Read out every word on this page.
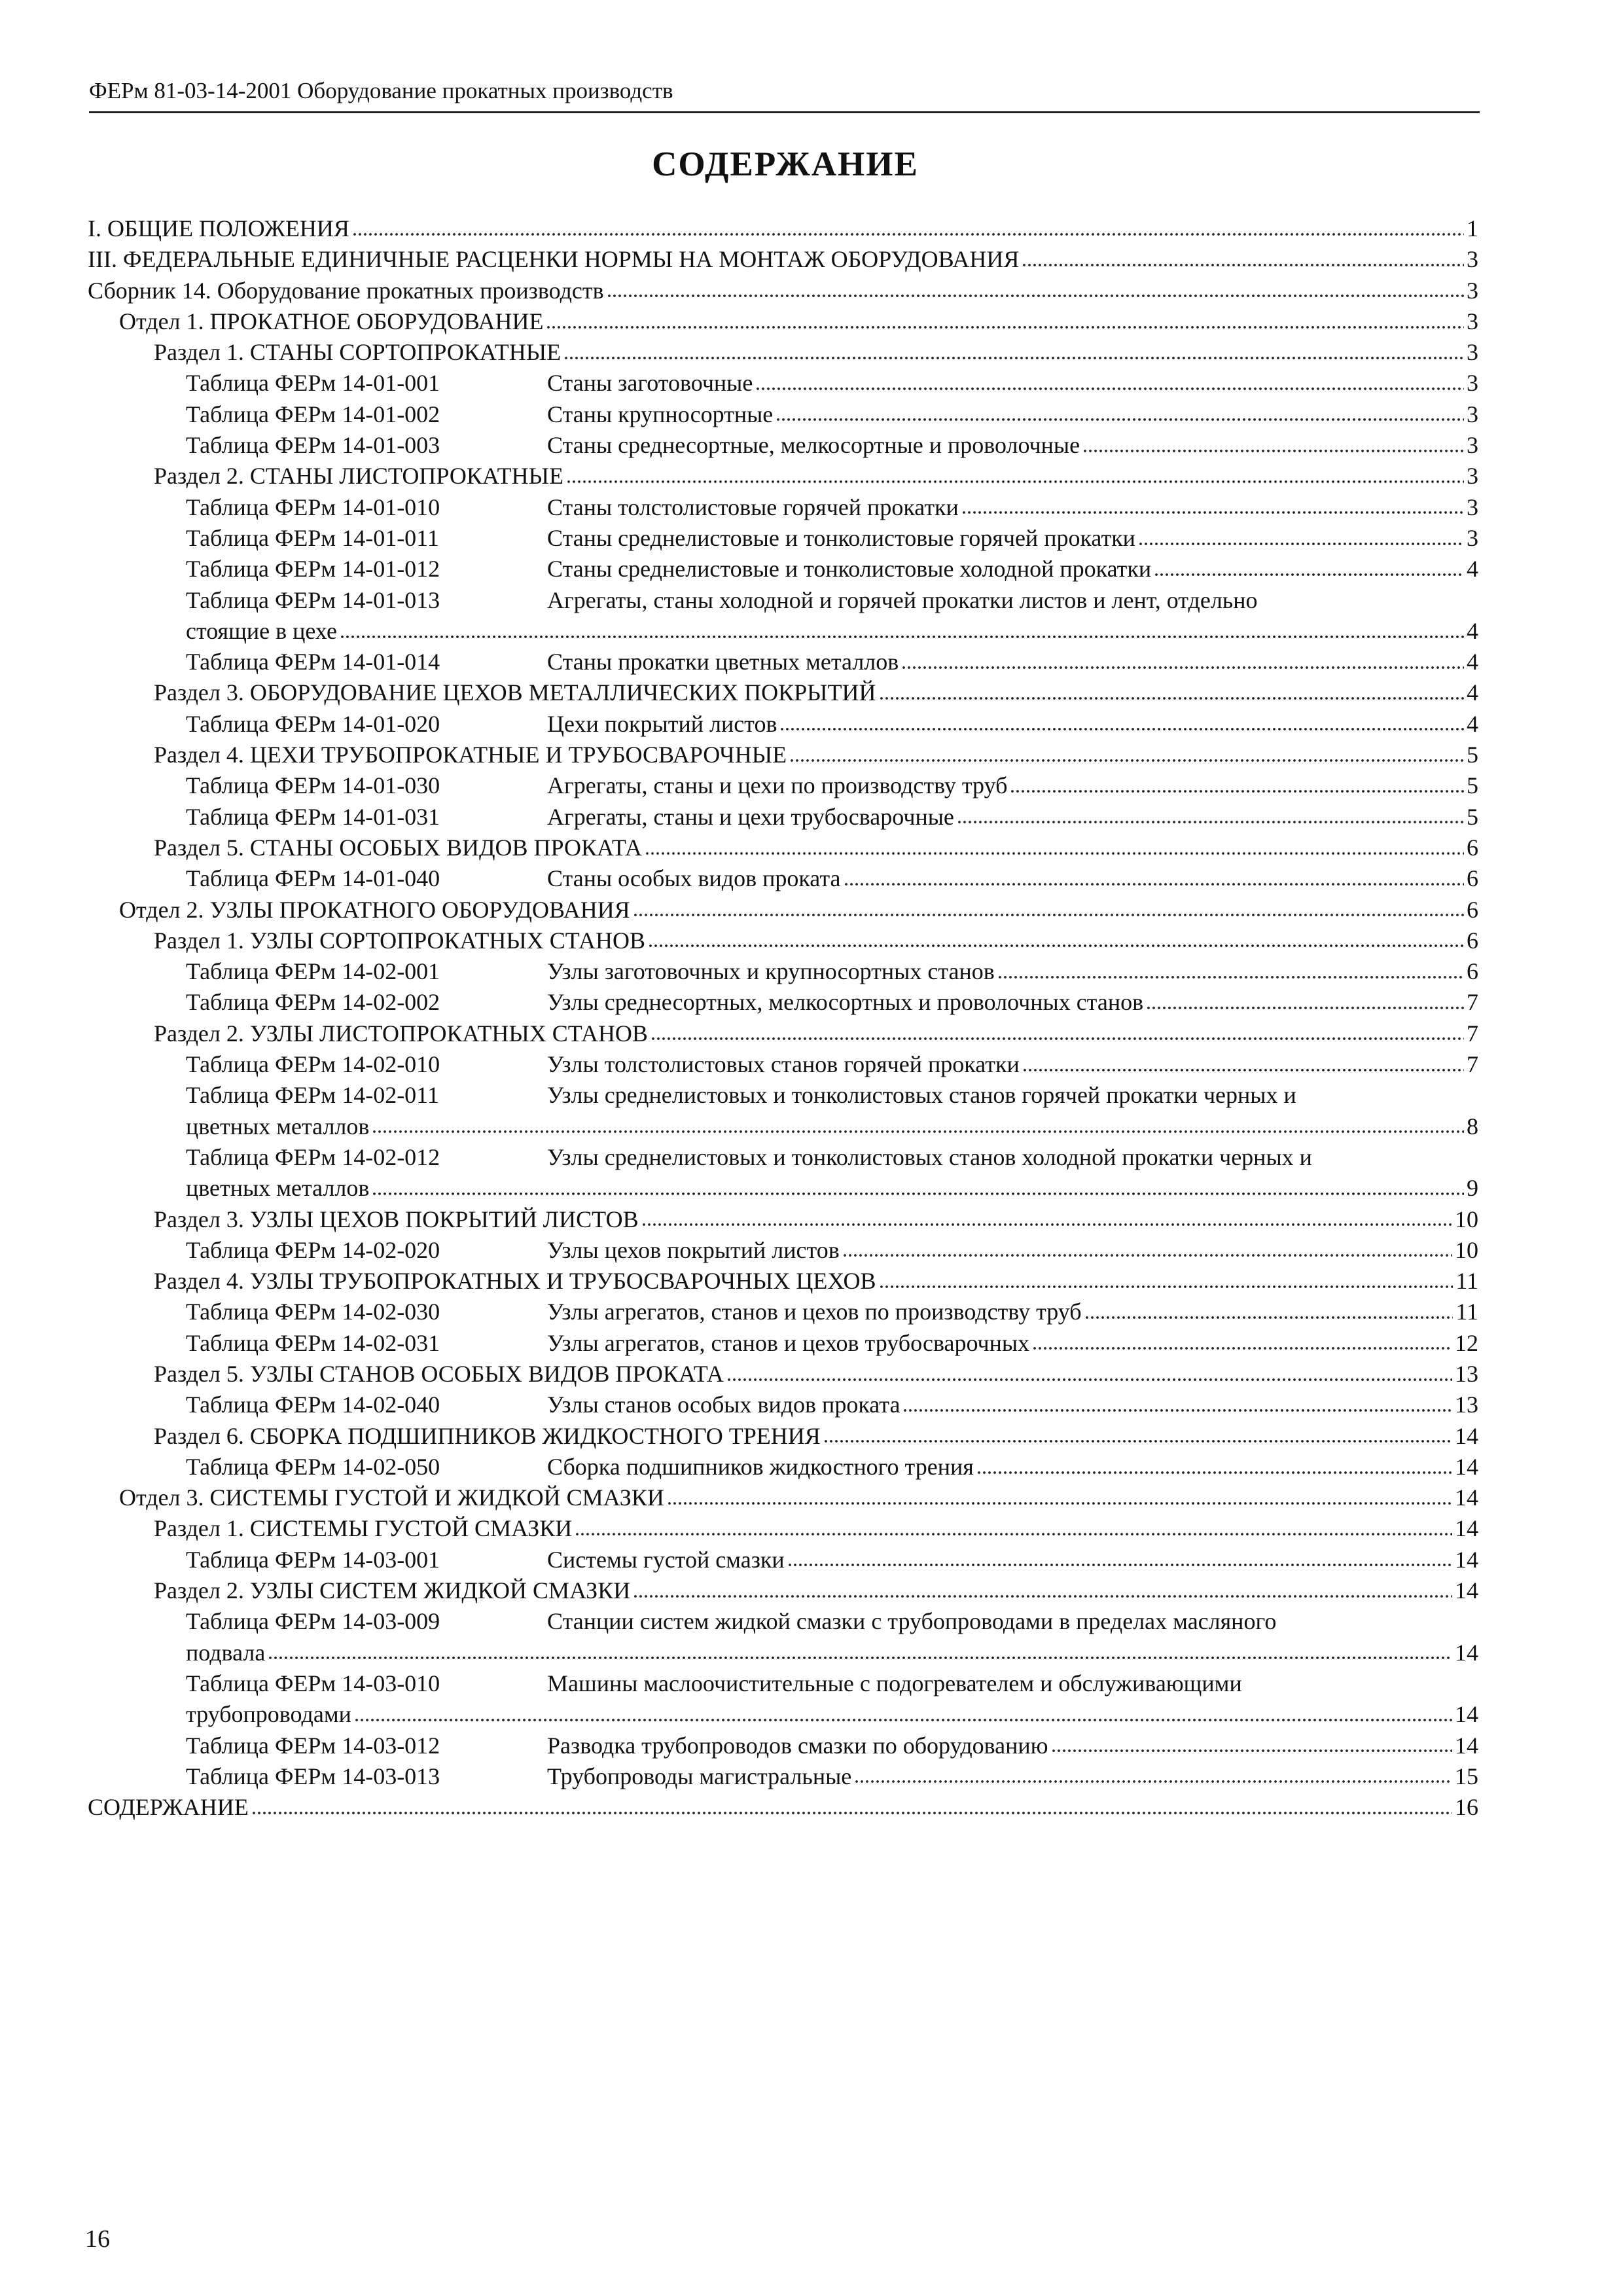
ФЕРм 81-03-14-2001 Оборудование прокатных производств
СОДЕРЖАНИЕ
I. ОБЩИЕ ПОЛОЖЕНИЯ	1
III. ФЕДЕРАЛЬНЫЕ ЕДИНИЧНЫЕ РАСЦЕНКИ НОРМЫ НА МОНТАЖ ОБОРУДОВАНИЯ	3
Сборник 14. Оборудование прокатных производств	3
Отдел 1. ПРОКАТНОЕ ОБОРУДОВАНИЕ	3
Раздел 1. СТАНЫ СОРТОПРОКАТНЫЕ	3
Таблица ФЕРм 14-01-001	Станы заготовочные	3
Таблица ФЕРм 14-01-002	Станы крупносортные	3
Таблица ФЕРм 14-01-003	Станы среднесортные, мелкосортные и проволочные	3
Раздел 2. СТАНЫ ЛИСТОПРОКАТНЫЕ	3
Таблица ФЕРм 14-01-010	Станы толстолистовые горячей прокатки	3
Таблица ФЕРм 14-01-011	Станы среднелистовые и тонколистовые горячей прокатки	3
Таблица ФЕРм 14-01-012	Станы среднелистовые и тонколистовые холодной прокатки	4
Таблица ФЕРм 14-01-013	Агрегаты, станы холодной и горячей прокатки листов и лент, отдельно
стоящие в цехе	4
Таблица ФЕРм 14-01-014	Станы прокатки цветных металлов	4
Раздел 3. ОБОРУДОВАНИЕ ЦЕХОВ МЕТАЛЛИЧЕСКИХ ПОКРЫТИЙ	4
Таблица ФЕРм 14-01-020	Цехи покрытий листов	4
Раздел 4. ЦЕХИ ТРУБОПРОКАТНЫЕ И ТРУБОСВАРОЧНЫЕ	5
Таблица ФЕРм 14-01-030	Агрегаты, станы и цехи по производству труб	5
Таблица ФЕРм 14-01-031	Агрегаты, станы и цехи трубосварочные	5
Раздел 5. СТАНЫ ОСОБЫХ ВИДОВ ПРОКАТА	6
Таблица ФЕРм 14-01-040	Станы особых видов проката	6
Отдел 2. УЗЛЫ ПРОКАТНОГО ОБОРУДОВАНИЯ	6
Раздел 1. УЗЛЫ СОРТОПРОКАТНЫХ СТАНОВ	6
Таблица ФЕРм 14-02-001	Узлы заготовочных и крупносортных станов	6
Таблица ФЕРм 14-02-002	Узлы среднесортных, мелкосортных и проволочных станов	7
Раздел 2. УЗЛЫ ЛИСТОПРОКАТНЫХ СТАНОВ	7
Таблица ФЕРм 14-02-010	Узлы толстолистовых станов горячей прокатки	7
Таблица ФЕРм 14-02-011	Узлы среднелистовых и тонколистовых станов горячей прокатки черных и
цветных металлов	8
Таблица ФЕРм 14-02-012	Узлы среднелистовых и тонколистовых станов холодной прокатки черных и
цветных металлов	9
Раздел 3. УЗЛЫ ЦЕХОВ ПОКРЫТИЙ ЛИСТОВ	10
Таблица ФЕРм 14-02-020	Узлы цехов покрытий листов	10
Раздел 4. УЗЛЫ ТРУБОПРОКАТНЫХ И ТРУБОСВАРОЧНЫХ ЦЕХОВ	11
Таблица ФЕРм 14-02-030	Узлы агрегатов, станов и цехов по производству труб	11
Таблица ФЕРм 14-02-031	Узлы агрегатов, станов и цехов трубосварочных	12
Раздел 5. УЗЛЫ СТАНОВ ОСОБЫХ ВИДОВ ПРОКАТА	13
Таблица ФЕРм 14-02-040	Узлы станов особых видов проката	13
Раздел 6. СБОРКА ПОДШИПНИКОВ ЖИДКОСТНОГО ТРЕНИЯ	14
Таблица ФЕРм 14-02-050	Сборка подшипников жидкостного трения	14
Отдел 3. СИСТЕМЫ ГУСТОЙ И ЖИДКОЙ СМАЗКИ	14
Раздел 1. СИСТЕМЫ ГУСТОЙ СМАЗКИ	14
Таблица ФЕРм 14-03-001	Системы густой смазки	14
Раздел 2. УЗЛЫ СИСТЕМ ЖИДКОЙ СМАЗКИ	14
Таблица ФЕРм 14-03-009	Станции систем жидкой смазки с трубопроводами в пределах масляного
подвала	14
Таблица ФЕРм 14-03-010	Машины маслоочистительные с подогревателем и обслуживающими
трубопроводами	14
Таблица ФЕРм 14-03-012	Разводка трубопроводов смазки по оборудованию	14
Таблица ФЕРм 14-03-013	Трубопроводы магистральные	15
СОДЕРЖАНИЕ	16
16
